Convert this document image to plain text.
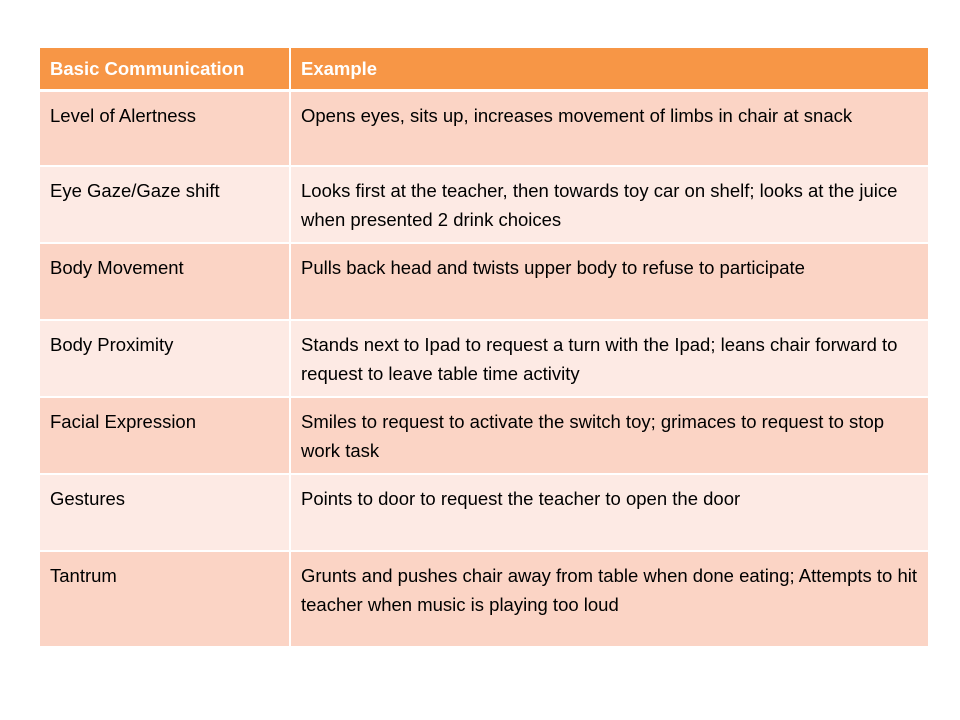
Basic Communication	Example
Level of Alertness	Opens eyes, sits up, increases movement of limbs in chair at snack
Eye Gaze/Gaze shift	Looks first at the teacher, then towards toy car on shelf; looks at the juice when presented 2 drink choices
Body Movement	Pulls back head and twists upper body to refuse to participate
Body Proximity	Stands next to Ipad to request a turn with the Ipad; leans chair forward to request to leave table time activity
Facial Expression	Smiles to request to activate the switch toy; grimaces to request to stop work task
Gestures	Points to door to request the teacher to open the door
Tantrum	Grunts and pushes chair away from table when done eating; Attempts to hit teacher when music is playing too loud
